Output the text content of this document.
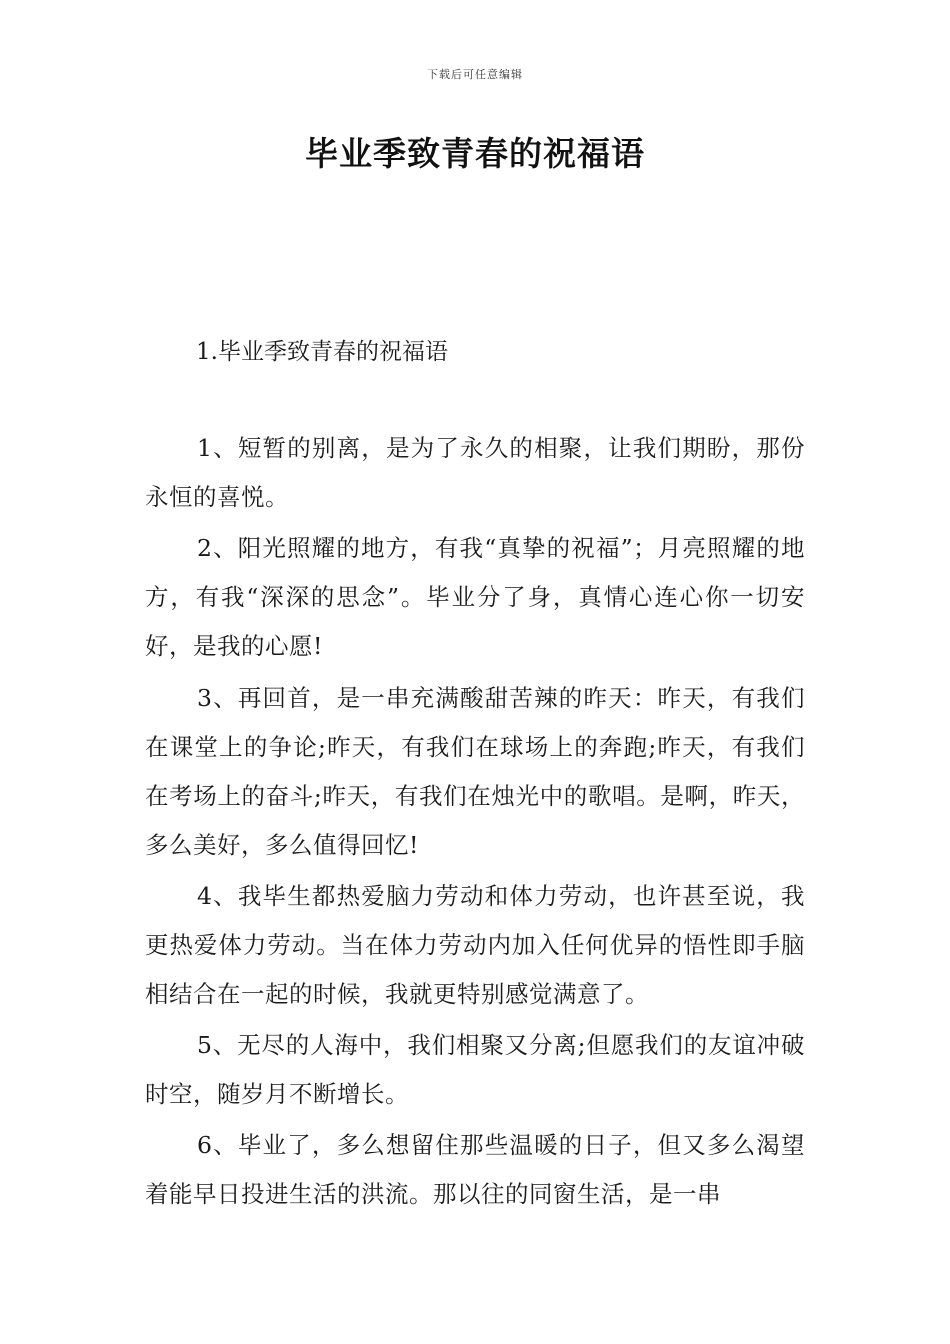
下载后可任意编辑
毕业季致青春的祝福语
1.毕业季致青春的祝福语

1、短暂的别离，是为了永久的相聚，让我们期盼，那份永恒的喜悦。

2、阳光照耀的地方，有我“真挚的祝福”；月亮照耀的地方，有我“深深的思念”。毕业分了身，真情心连心你一切安好，是我的心愿!

3、再回首，是一串充满酸甜苦辣的昨天：昨天，有我们在课堂上的争论;昨天，有我们在球场上的奔跑;昨天，有我们在考场上的奋斗;昨天，有我们在烛光中的歌唱。是啊，昨天，多么美好，多么值得回忆!

4、我毕生都热爱脑力劳动和体力劳动，也许甚至说，我更热爱体力劳动。当在体力劳动内加入任何优异的悟性即手脑相结合在一起的时候，我就更特别感觉满意了。

5、无尽的人海中，我们相聚又分离;但愿我们的友谊冲破时空，随岁月不断增长。

6、毕业了，多么想留住那些温暖的日子，但又多么渴望着能早日投进生活的洪流。那以往的同窗生活，是一串
